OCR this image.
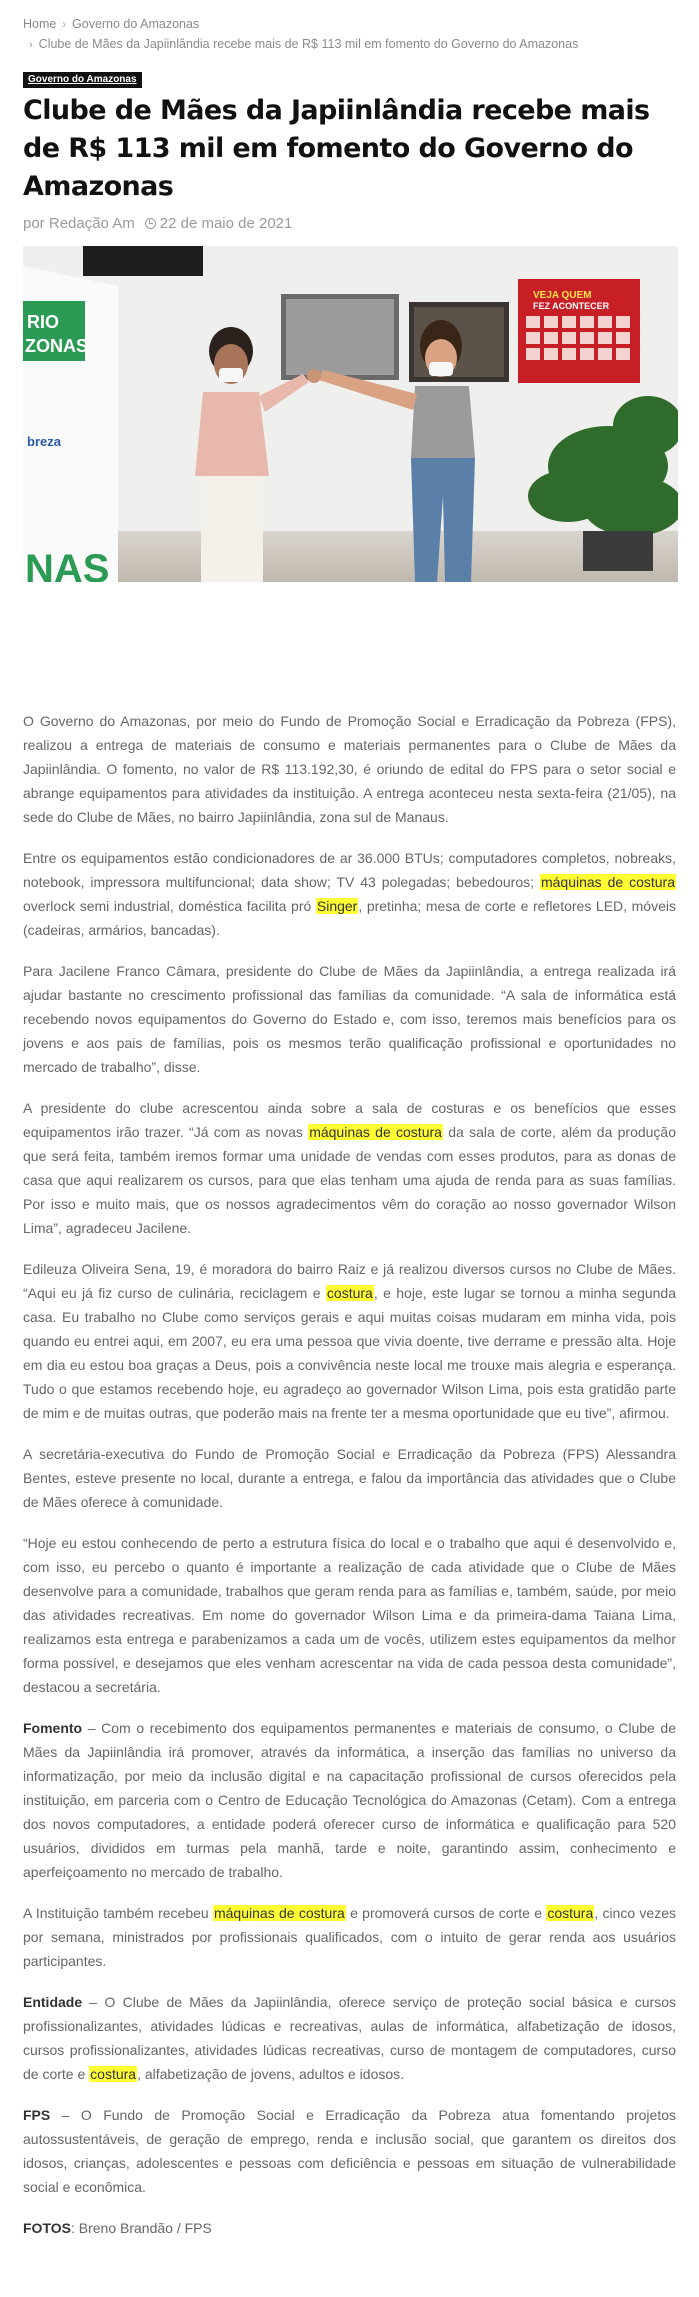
Home › Governo do Amazonas
› Clube de Mães da Japiinlândia recebe mais de R$ 113 mil em fomento do Governo do Amazonas
Governo do Amazonas
Clube de Mães da Japiinlândia recebe mais de R$ 113 mil em fomento do Governo do Amazonas
por
Redação Am 22 de maio de 2021
RIO
ZONAS
breza
NAS
VEJA QUEM
FEZ ACONTECER

O Governo do Amazonas, por meio do Fundo de Promoção Social e Erradicação da Pobreza (FPS), realizou a entrega de materiais de consumo e materiais permanentes para o Clube de Mães da Japiinlândia. O fomento, no valor de R$ 113.192,30, é oriundo de edital do FPS para o setor social e abrange equipamentos para atividades da instituição. A entrega aconteceu nesta sexta-feira (21/05), na sede do Clube de Mães, no bairro Japiinlândia, zona sul de Manaus.

Entre os equipamentos estão condicionadores de ar 36.000 BTUs; computadores completos, nobreaks, notebook, impressora multifuncional; data show; TV 43 polegadas; bebedouros; máquinas de costura overlock semi industrial, doméstica facilita pró Singer, pretinha; mesa de corte e refletores LED, móveis (cadeiras, armários, bancadas).

Para Jacilene Franco Câmara, presidente do Clube de Mães da Japiinlândia, a entrega realizada irá ajudar bastante no crescimento profissional das famílias da comunidade. “A sala de informática está recebendo novos equipamentos do Governo do Estado e, com isso, teremos mais benefícios para os jovens e aos pais de famílias, pois os mesmos terão qualificação profissional e oportunidades no mercado de trabalho”, disse.

A presidente do clube acrescentou ainda sobre a sala de costuras e os benefícios que esses equipamentos irão trazer. “Já com as novas máquinas de costura da sala de corte, além da produção que será feita, também iremos formar uma unidade de vendas com esses produtos, para as donas de casa que aqui realizarem os cursos, para que elas tenham uma ajuda de renda para as suas famílias. Por isso e muito mais, que os nossos agradecimentos vêm do coração ao nosso governador Wilson Lima”, agradeceu Jacilene.

Edileuza Oliveira Sena, 19, é moradora do bairro Raiz e já realizou diversos cursos no Clube de Mães. “Aqui eu já fiz curso de culinária, reciclagem e costura, e hoje, este lugar se tornou a minha segunda casa. Eu trabalho no Clube como serviços gerais e aqui muitas coisas mudaram em minha vida, pois quando eu entrei aqui, em 2007, eu era uma pessoa que vivia doente, tive derrame e pressão alta. Hoje em dia eu estou boa graças a Deus, pois a convivência neste local me trouxe mais alegria e esperança. Tudo o que estamos recebendo hoje, eu agradeço ao governador Wilson Lima, pois esta gratidão parte de mim e de muitas outras, que poderão mais na frente ter a mesma oportunidade que eu tive”, afirmou.

A secretária-executiva do Fundo de Promoção Social e Erradicação da Pobreza (FPS) Alessandra Bentes, esteve presente no local, durante a entrega, e falou da importância das atividades que o Clube de Mães oferece à comunidade.

“Hoje eu estou conhecendo de perto a estrutura física do local e o trabalho que aqui é desenvolvido e, com isso, eu percebo o quanto é importante a realização de cada atividade que o Clube de Mães desenvolve para a comunidade, trabalhos que geram renda para as famílias e, também, saúde, por meio das atividades recreativas. Em nome do governador Wilson Lima e da primeira-dama Taiana Lima, realizamos esta entrega e parabenizamos a cada um de vocês, utilizem estes equipamentos da melhor forma possível, e desejamos que eles venham acrescentar na vida de cada pessoa desta comunidade”, destacou a secretária.

Fomento – Com o recebimento dos equipamentos permanentes e materiais de consumo, o Clube de Mães da Japiinlândia irá promover, através da informática, a inserção das famílias no universo da informatização, por meio da inclusão digital e na capacitação profissional de cursos oferecidos pela instituição, em parceria com o Centro de Educação Tecnológica do Amazonas (Cetam). Com a entrega dos novos computadores, a entidade poderá oferecer curso de informática e qualificação para 520 usuários, divididos em turmas pela manhã, tarde e noite, garantindo assim, conhecimento e aperfeiçoamento no mercado de trabalho.

A Instituição também recebeu máquinas de costura e promoverá cursos de corte e costura, cinco vezes por semana, ministrados por profissionais qualificados, com o intuito de gerar renda aos usuários participantes.

Entidade – O Clube de Mães da Japiinlândia, oferece serviço de proteção social básica e cursos profissionalizantes, atividades lúdicas e recreativas, aulas de informática, alfabetização de idosos, cursos profissionalizantes, atividades lúdicas recreativas, curso de montagem de computadores, curso de corte e costura, alfabetização de jovens, adultos e idosos.

FPS – O Fundo de Promoção Social e Erradicação da Pobreza atua fomentando projetos autossustentáveis, de geração de emprego, renda e inclusão social, que garantem os direitos dos idosos, crianças, adolescentes e pessoas com deficiência e pessoas em situação de vulnerabilidade social e econômica.

FOTOS: Breno Brandão / FPS
